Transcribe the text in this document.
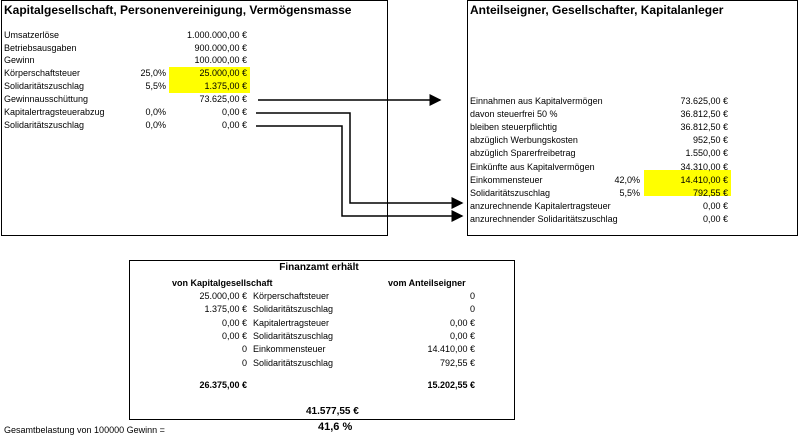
Kapitalgesellschaft, Personenvereinigung, Vermögensmasse
Umsatzerlöse	1.000.000,00 €
Betriebsausgaben	900.000,00 €
Gewinn	100.000,00 €
Körperschaftsteuer	25,0%	25.000,00 €
Solidaritätszuschlag	5,5%	1.375,00 €
Gewinnausschüttung	73.625,00 €
Kapitalertragsteuerabzug	0,0%	0,00 €
Solidaritätszuschlag	0,0%	0,00 €
Anteilseigner, Gesellschafter, Kapitalanleger
Einnahmen aus Kapitalvermögen	73.625,00 €
davon steuerfrei 50 %	36.812,50 €
bleiben steuerpflichtig	36.812,50 €
abzüglich Werbungskosten	952,50 €
abzüglich Sparerfreibetrag	1.550,00 €
Einkünfte aus Kapitalvermögen	34.310,00 €
Einkommensteuer	42,0%	14.410,00 €
Solidaritätszuschlag	5,5%	792,55 €
anzurechnende Kapitalertragsteuer	0,00 €
anzurechnender Solidaritätszuschlag	0,00 €
Finanzamt erhält
von Kapitalgesellschaft	vom Anteilseigner
25.000,00 € Körperschaftsteuer	0
1.375,00 € Solidaritätszuschlag	0
0,00 € Kapitalertragsteuer	0,00 €
0,00 € Solidaritätszuschlag	0,00 €
0 Einkommensteuer	14.410,00 €
0 Solidaritätszuschlag	792,55 €
26.375,00 €	15.202,55 €
41.577,55 €
Gesamtbelastung von 100000 Gewinn =	41,6 %
